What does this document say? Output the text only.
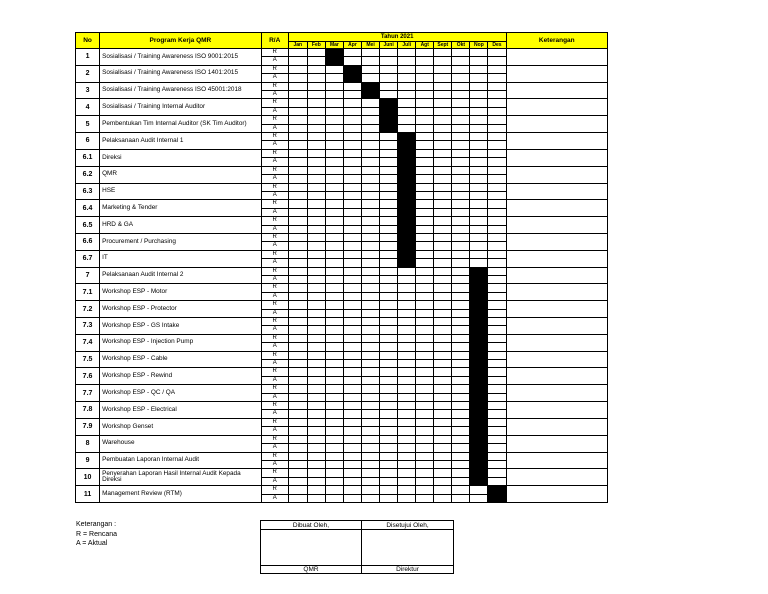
No	Program Kerja QMR	R/A	Tahun 2021												Keterangan
			Jan	Feb	Mar	Apr	Mei	Juni	Juli	Agt	Sept	Okt	Nop	Des	
1	Sosialisasi / Training Awareness ISO 9001:2015	R													
		A													
2	Sosialisasi / Training Awareness ISO 1401:2015	R													
		A													
3	Sosialisasi / Training Awareness ISO 45001:2018	R													
		A													
4	Sosialisasi / Training Internal Auditor	R													
		A													
5	Pembentukan Tim Internal Auditor (SK Tim Auditor)	R													
		A													
6	Pelaksanaan Audit Internal 1	R													
		A													
6.1	Direksi	R													
		A													
6.2	QMR	R													
		A													
6.3	HSE	R													
		A													
6.4	Marketing & Tender	R													
		A													
6.5	HRD & GA	R													
		A													
6.6	Procurement / Purchasing	R													
		A													
6.7	IT	R													
		A													
7	Pelaksanaan Audit Internal 2	R													
		A													
7.1	Workshop ESP - Motor	R													
		A													
7.2	Workshop ESP - Protector	R													
		A													
7.3	Workshop ESP - GS Intake	R													
		A													
7.4	Workshop ESP - Injection Pump	R													
		A													
7.5	Workshop ESP - Cable	R													
		A													
7.6	Workshop ESP - Rewind	R													
		A													
7.7	Workshop ESP - QC / QA	R													
		A													
7.8	Workshop ESP - Electrical	R													
		A													
7.9	Workshop Genset	R													
		A													
8	Warehouse	R													
		A													
9	Pembuatan Laporan Internal Audit	R													
		A													
10	Penyerahan Laporan Hasil Internal Audit Kepada Direksi	R													
		A													
11	Management Review (RTM)	R													
		A													
Keterangan :
R = Rencana
A = Aktual
Dibuat Oleh,	Disetujui Oleh,

QMR	Direktur
